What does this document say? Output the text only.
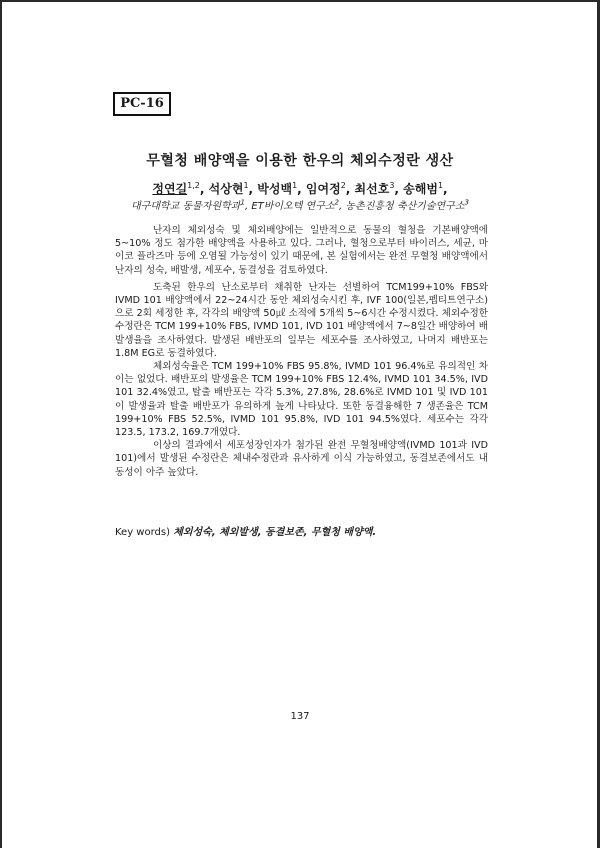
PC-16
무혈청 배양액을 이용한 한우의 체외수정란 생산
정연길$^{1,2}$, 석상현$^1$, 박성백$^1$, 임여정$^2$, 최선호$^3$, 송해범$^1$,
대구대학교 동물자원학과$^1$, ET바이오텍 연구소$^2$, 농촌진흥청 축산기술연구소$^3$

난자의 체외성숙 및 체외배양에는 일반적으로 동물의 혈청을 기본배양액에 5~10% 정도 첨가한 배양액을 사용하고 있다. 그러나, 혈청으로부터 바이러스, 세균, 마이코 플라즈마 등에 오염될 가능성이 있기 때문에, 본 실험에서는 완전 무혈청 배양액에서 난자의 성숙, 배발생, 세포수, 동결성을 검토하였다.

도축된 한우의 난소로부터 채취한 난자는 선별하여 TCM199+10% FBS와 IVMD 101 배양액에서 22~24시간 동안 체외성숙시킨 후, IVF 100(일본,펩티트연구소)으로 2회 세정한 후, 각각의 배양액 50㎕ 소적에 5개씩 5~6시간 수정시켰다. 체외수정한 수정란은 TCM 199+10% FBS, IVMD 101, IVD 101 배양액에서 7~8일간 배양하여 배발생율을 조사하였다. 발생된 배반포의 일부는 세포수를 조사하였고, 나머지 배반포는 1.8M EG로 동결하였다.

체외성숙율은 TCM 199+10% FBS 95.8%, IVMD 101 96.4%로 유의적인 차이는 없었다. 배반포의 발생율은 TCM 199+10% FBS 12.4%, IVMD 101 34.5%, IVD 101 32.4%였고, 탈출 배반포는 각각 5.3%, 27.8%, 28.6%로 IVMD 101 및 IVD 101이 발생율과 탈출 배반포가 유의하게 높게 나타났다. 또한 동결융해한 7 생존율은 TCM 199+10% FBS 52.5%, IVMD 101 95.8%, IVD 101 94.5%였다. 세포수는 각각 123.5, 173.2, 169.7개였다.

이상의 결과에서 세포성장인자가 첨가된 완전 무혈청배양액(IVMD 101과 IVD 101)에서 발생된 수정란은 체내수정란과 유사하게 이식 가능하였고, 동결보존에서도 내동성이 아주 높았다.

Key words) 체외성숙, 체외발생, 동결보존, 무혈청 배양액.
137
